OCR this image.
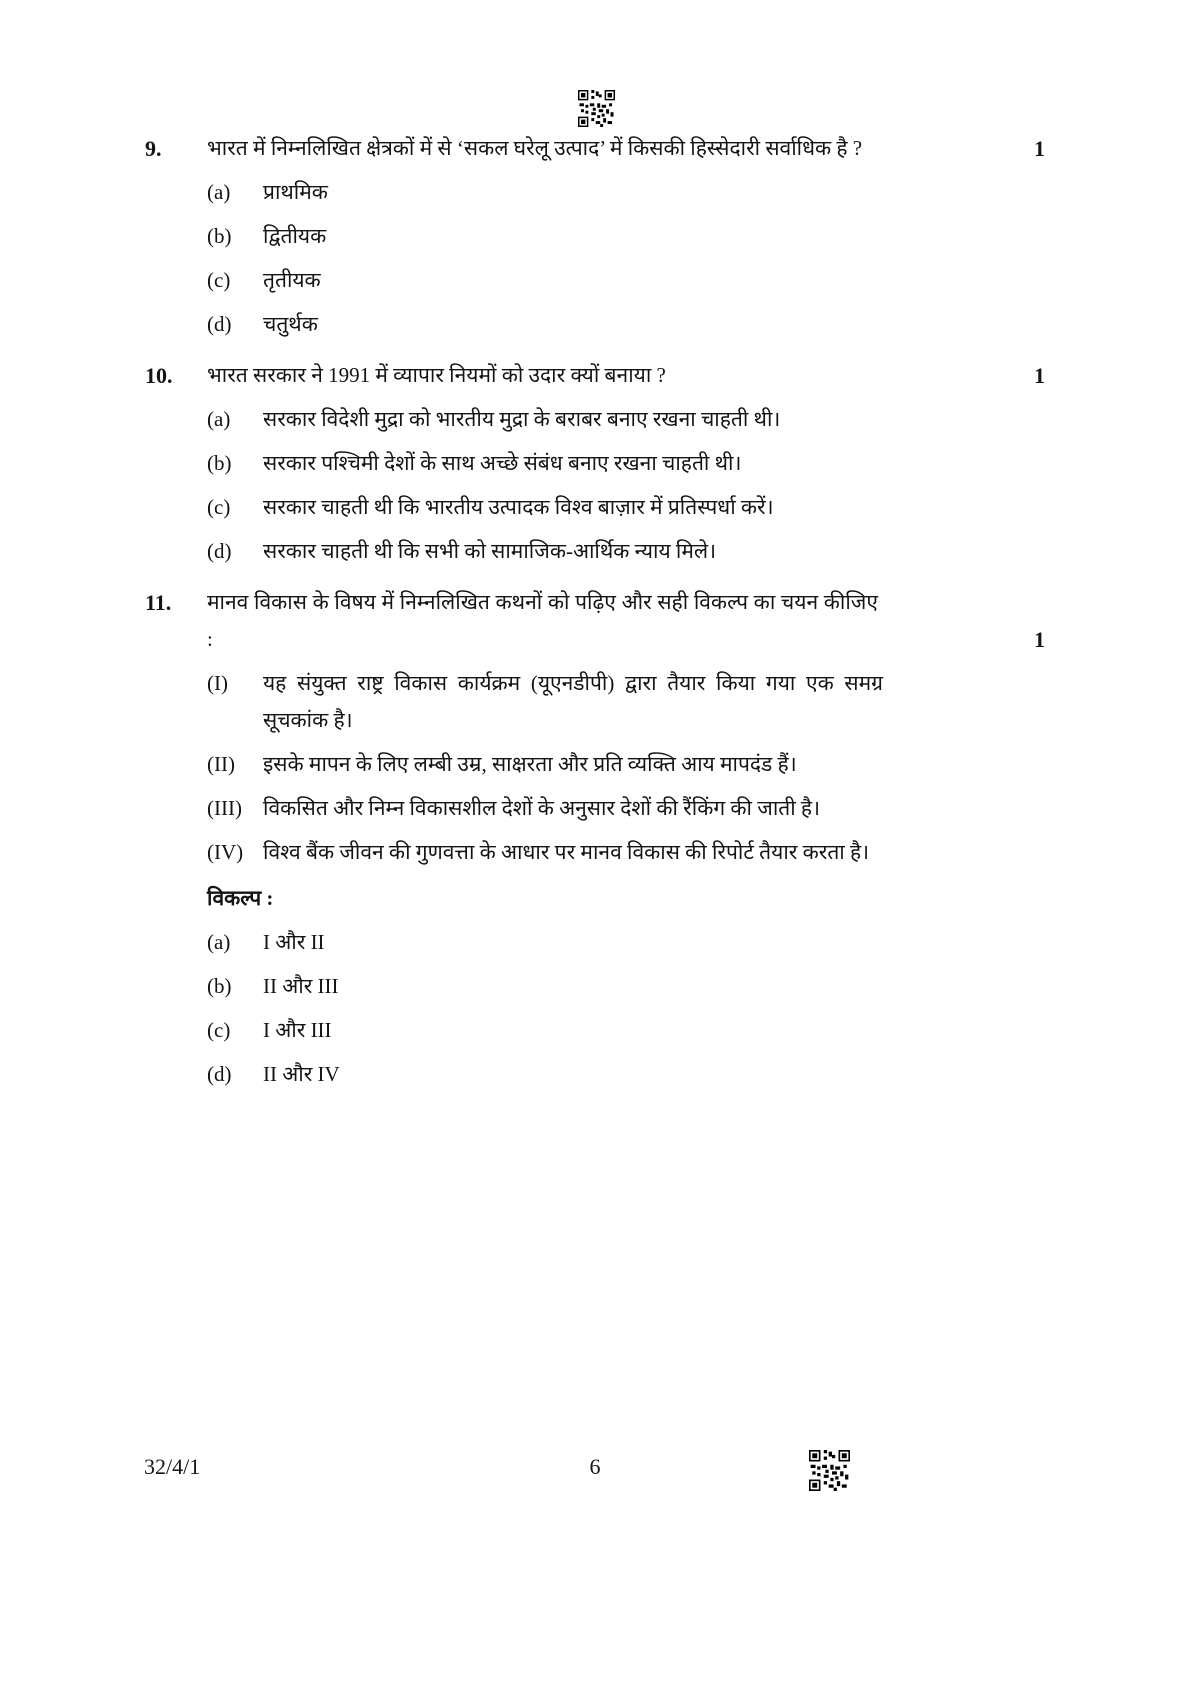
9.	भारत में निम्नलिखित क्षेत्रकों में से ‘सकल घरेलू उत्पाद’ में किसकी हिस्सेदारी सर्वाधिक है ?	1
(a)	प्राथमिक
(b)	द्वितीयक
(c)	तृतीयक
(d)	चतुर्थक
10.	भारत सरकार ने 1991 में व्यापार नियमों को उदार क्यों बनाया ?	1
(a)	सरकार विदेशी मुद्रा को भारतीय मुद्रा के बराबर बनाए रखना चाहती थी।
(b)	सरकार पश्चिमी देशों के साथ अच्छे संबंध बनाए रखना चाहती थी।
(c)	सरकार चाहती थी कि भारतीय उत्पादक विश्व बाज़ार में प्रतिस्पर्धा करें।
(d)	सरकार चाहती थी कि सभी को सामाजिक-आर्थिक न्याय मिले।
11.	मानव विकास के विषय में निम्नलिखित कथनों को पढ़िए और सही विकल्प का चयन कीजिए :	1
(I)	यह संयुक्त राष्ट्र विकास कार्यक्रम (यूएनडीपी) द्वारा तैयार किया गया एक समग्र सूचकांक है।
(II)	इसके मापन के लिए लम्बी उम्र, साक्षरता और प्रति व्यक्ति आय मापदंड हैं।
(III)	विकसित और निम्न विकासशील देशों के अनुसार देशों की रैंकिंग की जाती है।
(IV) विश्व बैंक जीवन की गुणवत्ता के आधार पर मानव विकास की रिपोर्ट तैयार करता है।
विकल्प :
(a)	I और II
(b)	II और III
(c)	I और III
(d)	II और IV
32/4/1	6
